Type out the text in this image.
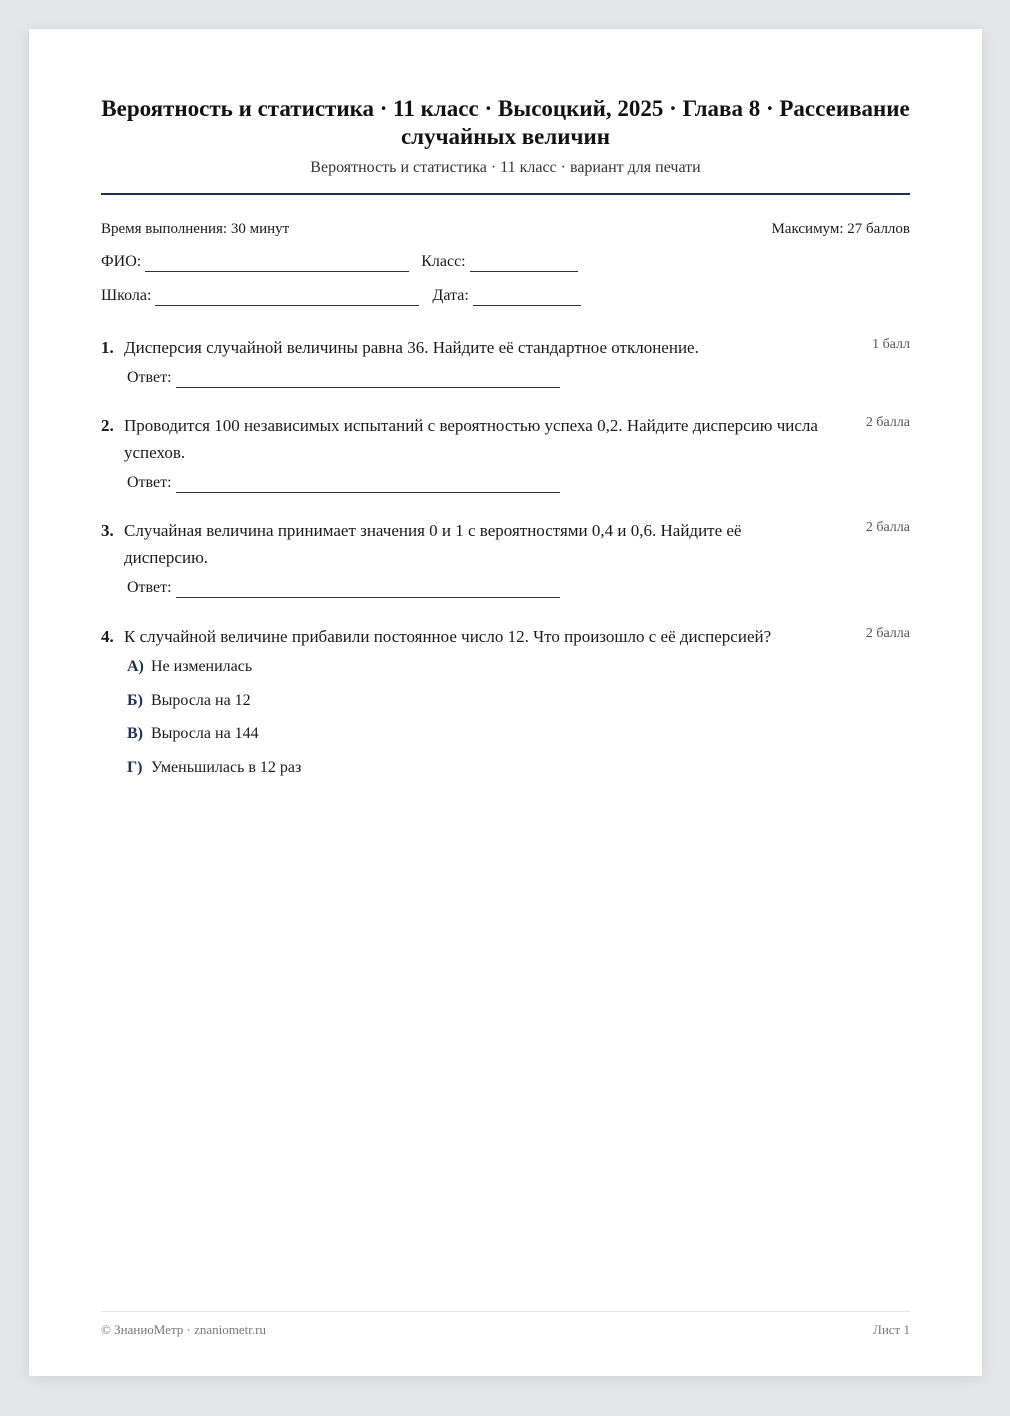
Вероятность и статистика · 11 класс · Высоцкий, 2025 · Глава 8 · Рассеивание случайных величин
Вероятность и статистика · 11 класс · вариант для печати
Время выполнения: 30 минут	Максимум: 27 баллов
ФИО:	Класс:
Школа:	Дата:
1. Дисперсия случайной величины равна 36. Найдите её стандартное отклонение.	1 балл
Ответ:
2. Проводится 100 независимых испытаний с вероятностью успеха 0,2. Найдите дисперсию числа успехов.
2 балла
Ответ:
3. Случайная величина принимает значения 0 и 1 с вероятностями 0,4 и 0,6. Найдите её дисперсию.
2 балла
Ответ:
4. К случайной величине прибавили постоянное число 12. Что произошло с её дисперсией?	2 балла
А) Не изменилась
Б) Выросла на 12
В) Выросла на 144
Г) Уменьшилась в 12 раз
© ЗнаниоМетр · znaniometr.ru	Лист 1
